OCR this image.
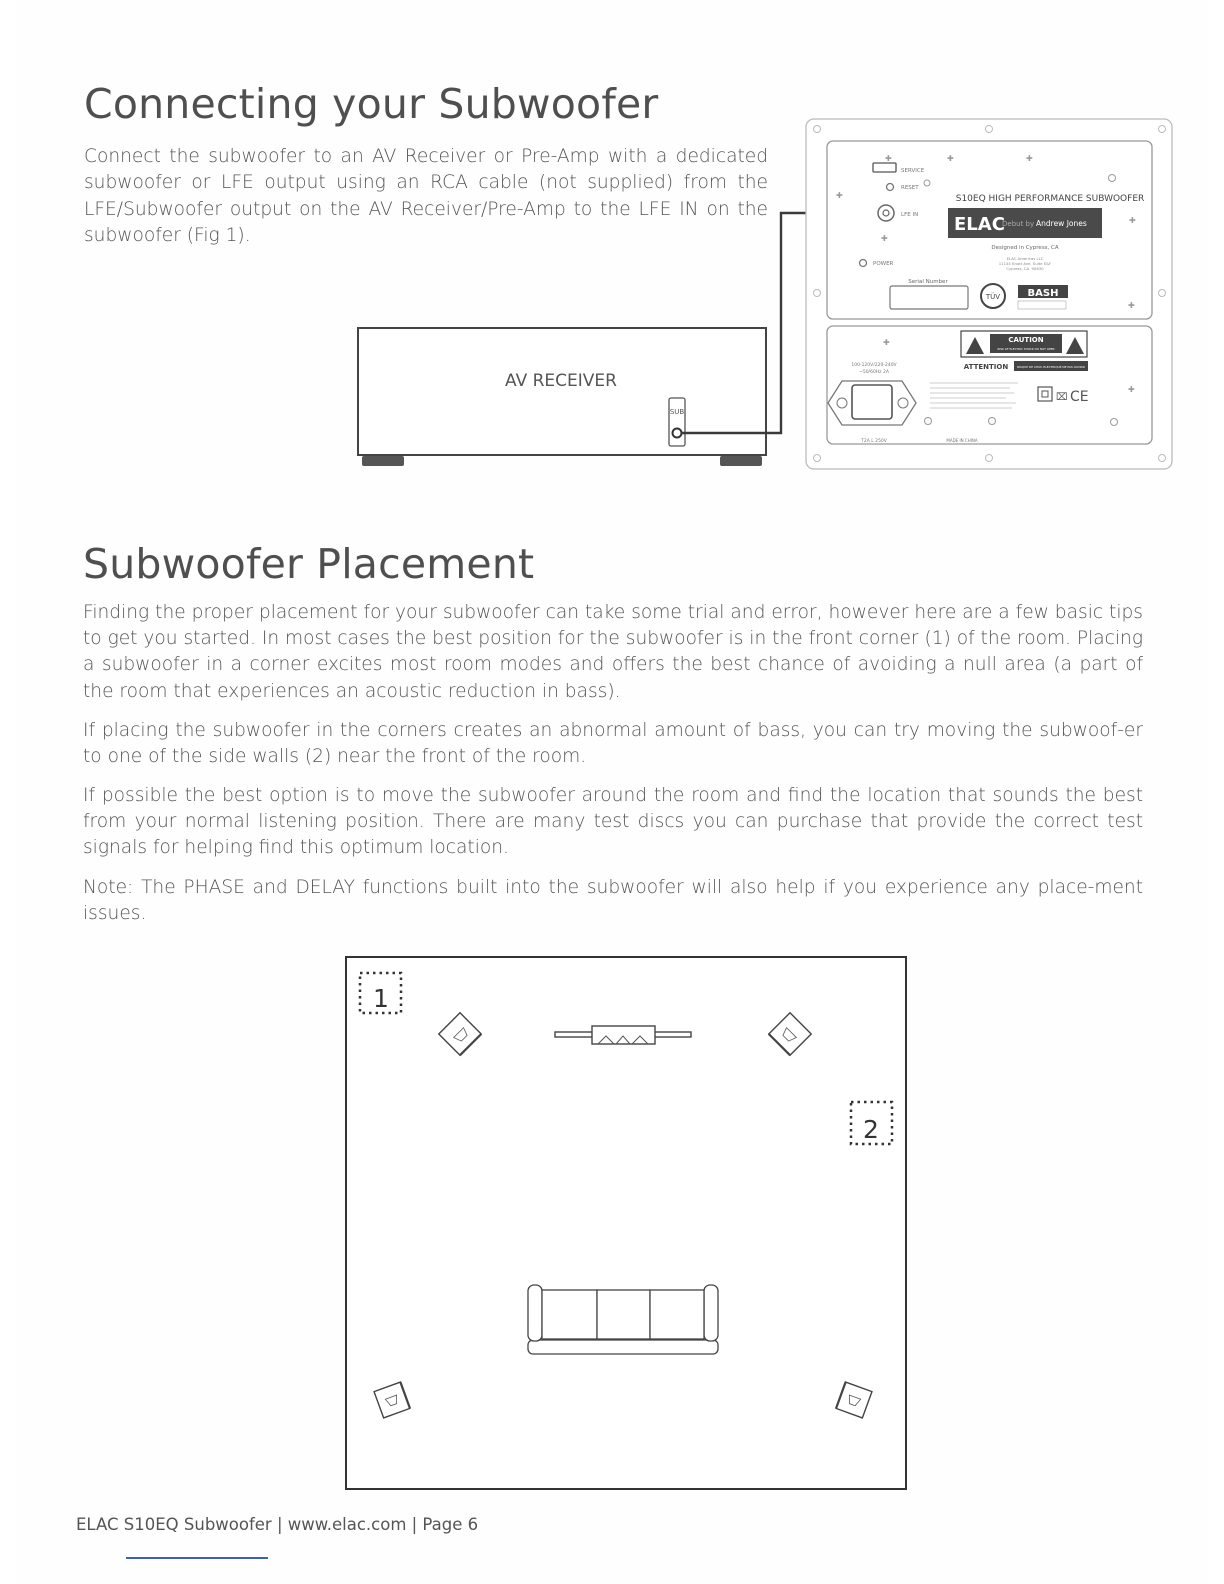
Connecting your Subwoofer

Connect the subwoofer to an AV Receiver or Pre-Amp with a dedicated subwoofer or LFE output using an RCA cable (not supplied) from the LFE/Subwoofer output on the AV Receiver/Pre-Amp to the LFE IN on the subwoofer (Fig 1).

AV RECEIVER
SUB
✚	✚	✚
✚
✚
✚
✚
SERVICE
RESET
LFE IN
POWER
S10EQ HIGH PERFORMANCE SUBWOOFER
ELAC
Debut by Andrew Jones
Designed in Cypress, CA
ELAC Americas LLC
11145 Knott Ave. Suite E&F
Cypress, CA. 90630
Serial Number
TÜV	BASH
✚
✚
100-120V/220-240V
~50/60Hz 2A
T2A L 250V
CAUTION
RISK OF ELECTRIC SHOCK DO NOT OPEN
ATTENTION	RISQUE DE CHOC ELECTRIQUE NE PAS OUVRIR
⌧ CE
MADE IN CHINA
Subwoofer Placement

Finding the proper placement for your subwoofer can take some trial and error, however here are a few basic tips to get you started. In most cases the best position for the subwoofer is in the front corner (1) of the room. Placing a subwoofer in a corner excites most room modes and offers the best chance of avoiding a null area (a part of the room that experiences an acoustic reduction in bass).

If placing the subwoofer in the corners creates an abnormal amount of bass, you can try moving the subwoof-er to one of the side walls (2) near the front of the room.

If possible the best option is to move the subwoofer around the room and find the location that sounds the best from your normal listening position. There are many test discs you can purchase that provide the correct test signals for helping find this optimum location.

Note: The PHASE and DELAY functions built into the subwoofer will also help if you experience any place-ment issues.

1
2
ELAC S10EQ Subwoofer | www.elac.com | Page 6
